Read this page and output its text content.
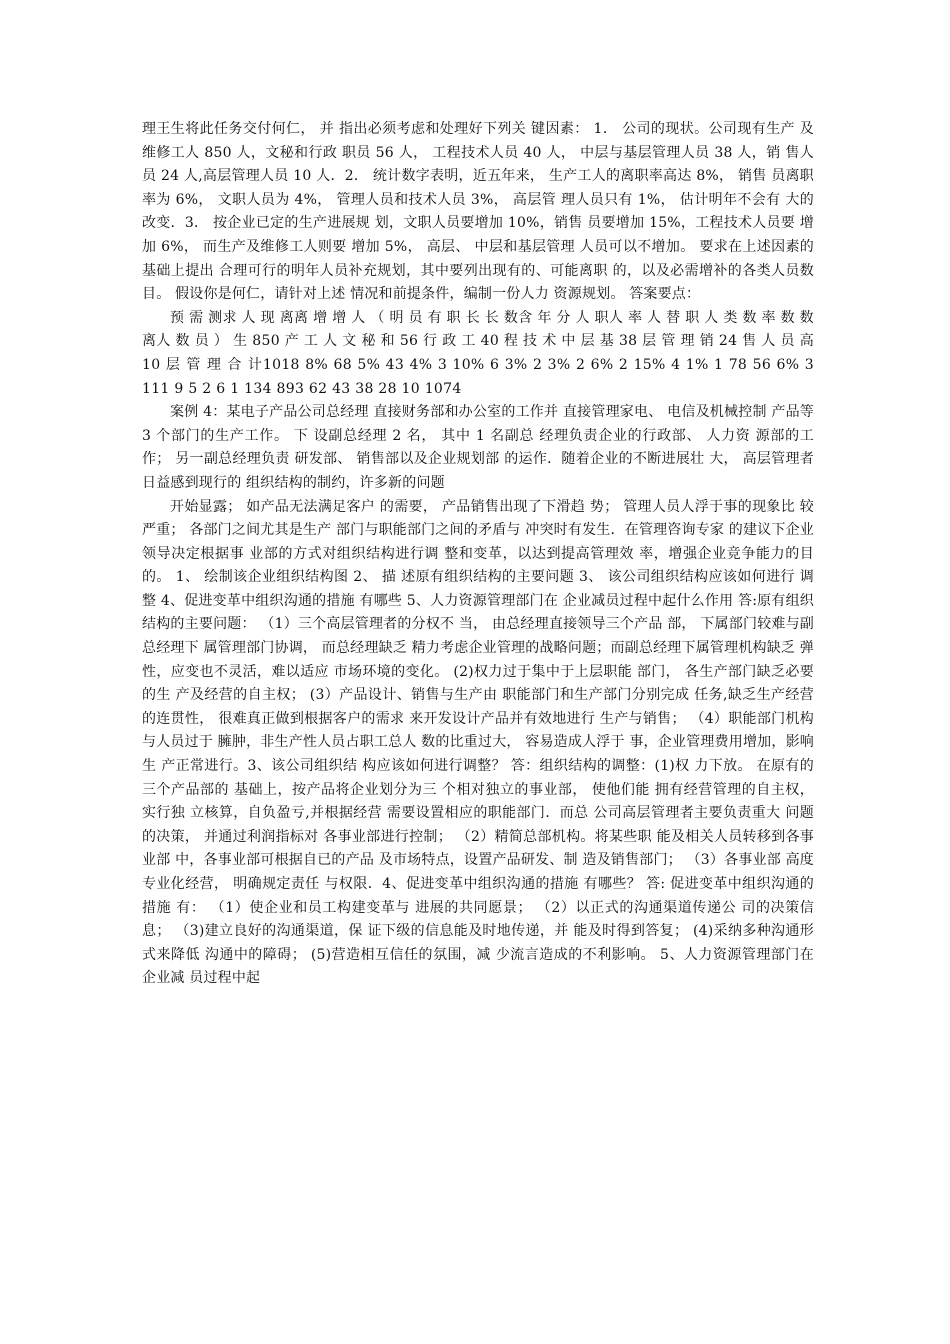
理王生将此任务交付何仁， 并 指出必须考虑和处理好下列关 键因素： 1． 公司的现状。公司现有生产 及维修工人 850 人，文秘和行政 职员 56 人， 工程技术人员 40 人， 中层与基层管理人员 38 人，销 售人员 24 人,高层管理人员 10 人．2． 统计数字表明，近五年来， 生产工人的离职率高达 8%， 销售 员离职率为 6%， 文职人员为 4%， 管理人员和技术人员 3%， 高层管 理人员只有 1%， 估计明年不会有 大的改变．3． 按企业已定的生产进展规 划，文职人员要增加 10%，销售 员要增加 15%，工程技术人员要 增加 6%， 而生产及维修工人则要 增加 5%， 高层、 中层和基层管理 人员可以不增加。 要求在上述因素的基础上提出 合理可行的明年人员补充规划，其中要列出现有的、可能离职 的，以及必需增补的各类人员数 目。 假设你是何仁，请针对上述 情况和前提条件，编制一份人力 资源规划。 答案要点：

预 需 测求 人 现 离离 增 增 人 （ 明 员 有 职 长 长 数含 年 分 人 职人 率 人 替 职 人 类 数 率 数 数 离人 数 员 ） 生 850 产 工 人 文 秘 和 56 行 政 工 40 程 技 术 中 层 基 38 层 管 理 销 24 售 人 员 高 10 层 管 理 合 计1018 8% 68 5% 43 4% 3 10% 6 3% 2 3% 2 6% 2 15% 4 1% 1 78 56 6% 3 111 9 5 2 6 1 134 893 62 43 38 28 10 1074

案例 4：某电子产品公司总经理 直接财务部和办公室的工作并 直接管理家电、 电信及机械控制 产品等 3 个部门的生产工作。 下 设副总经理 2 名， 其中 1 名副总 经理负责企业的行政部、 人力资 源部的工作； 另一副总经理负责 研发部、 销售部以及企业规划部 的运作．随着企业的不断进展壮 大， 高层管理者日益感到现行的 组织结构的制约，许多新的问题

开始显露； 如产品无法满足客户 的需要， 产品销售出现了下滑趋 势； 管理人员人浮于事的现象比 较严重； 各部门之间尤其是生产 部门与职能部门之间的矛盾与 冲突时有发生．在管理咨询专家 的建议下企业领导决定根据事 业部的方式对组织结构进行调 整和变革，以达到提高管理效 率，增强企业竞争能力的目的。 1、 绘制该企业组织结构图 2、 描 述原有组织结构的主要问题 3、 该公司组织结构应该如何进行 调整 4、促进变革中组织沟通的措施 有哪些 5、人力资源管理部门在 企业减员过程中起什么作用 答:原有组织结构的主要问题： （1）三个高层管理者的分权不 当， 由总经理直接领导三个产品 部， 下属部门较难与副总经理下 属管理部门协调， 而总经理缺乏 精力考虑企业管理的战略问题；而副总经理下属管理机构缺乏 弹性，应变也不灵活，难以适应 市场环境的变化。 (2)权力过于集中于上层职能 部门， 各生产部门缺乏必要的生 产及经营的自主权； (3）产品设计、销售与生产由 职能部门和生产部门分别完成 任务,缺乏生产经营的连贯性， 很难真正做到根据客户的需求 来开发设计产品并有效地进行 生产与销售； （4）职能部门机构与人员过于 臃肿，非生产性人员占职工总人 数的比重过大， 容易造成人浮于 事，企业管理费用增加，影响生 产正常进行。3、该公司组织结 构应该如何进行调整？ 答：组织结构的调整：(1)权 力下放。 在原有的三个产品部的 基础上，按产品将企业划分为三 个相对独立的事业部， 使他们能 拥有经营管理的自主权， 实行独 立核算，自负盈亏,并根据经营 需要设置相应的职能部门．而总 公司高层管理者主要负责重大 问题的决策， 并通过利润指标对 各事业部进行控制； （2）精简总部机构。将某些职 能及相关人员转移到各事业部 中，各事业部可根据自已的产品 及市场特点，设置产品研发、制 造及销售部门； （3）各事业部 高度专业化经营， 明确规定责任 与权限．4、促进变革中组织沟通的措施 有哪些？ 答: 促进变革中组织沟通的措施 有： （1）使企业和员工构建变革与 进展的共同愿景； （2）以正式的沟通渠道传递公 司的决策信息； （3)建立良好的沟通渠道，保 证下级的信息能及时地传递，并 能及时得到答复； (4)采纳多种沟通形式来降低 沟通中的障碍； (5)营造相互信任的氛围，减 少流言造成的不利影响。 5、人力资源管理部门在企业减 员过程中起
